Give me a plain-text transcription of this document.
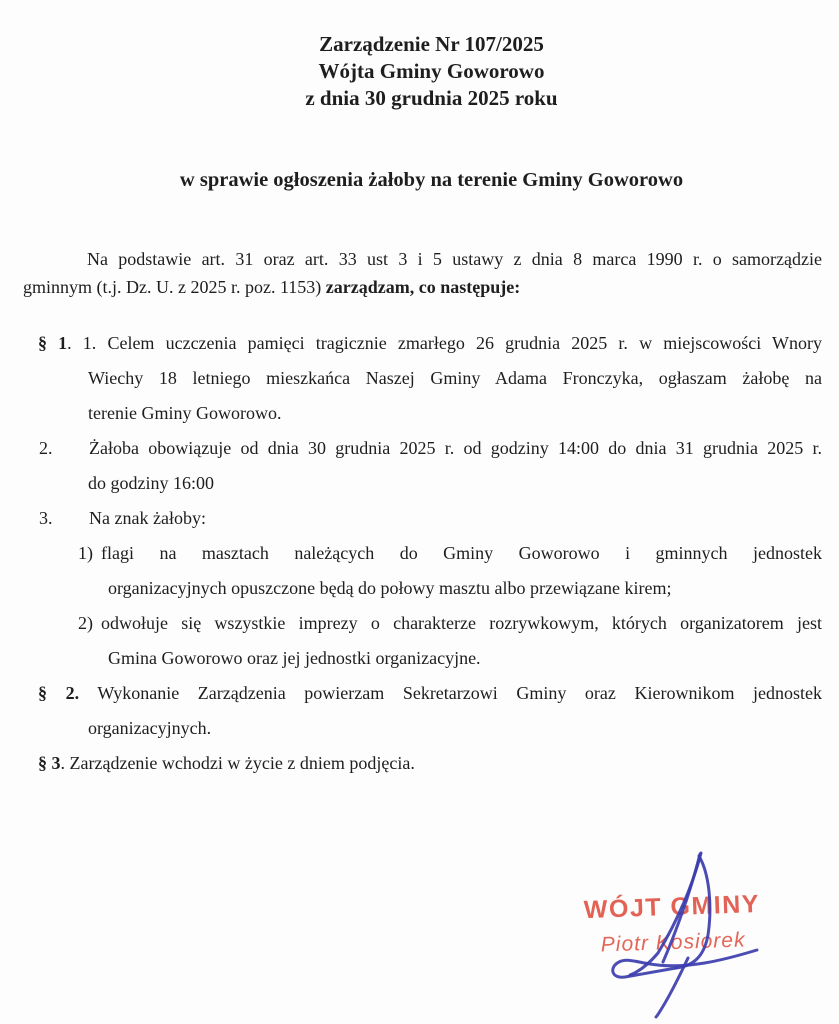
Zarządzenie Nr 107/2025
Wójta Gminy Goworowo
z dnia 30 grudnia 2025 roku
w sprawie ogłoszenia żałoby na terenie Gminy Goworowo
Na podstawie art. 31 oraz art. 33 ust 3 i 5 ustawy z dnia 8 marca 1990 r. o samorządzie
gminnym (t.j. Dz. U. z 2025 r. poz. 1153) zarządzam, co następuje:
§ 1. 1. Celem uczczenia pamięci tragicznie zmarłego 26 grudnia 2025 r. w miejscowości Wnory
Wiechy 18 letniego mieszkańca Naszej Gminy Adama Fronczyka, ogłaszam żałobę na
terenie Gminy Goworowo.
2. Żałoba obowiązuje od dnia 30 grudnia 2025 r. od godziny 14:00 do dnia 31 grudnia 2025 r.
do godziny 16:00
3. Na znak żałoby:
1) flagi na masztach należących do Gminy Goworowo i gminnych jednostek
organizacyjnych opuszczone będą do połowy masztu albo przewiązane kirem;
2) odwołuje się wszystkie imprezy o charakterze rozrywkowym, których organizatorem jest
Gmina Goworowo oraz jej jednostki organizacyjne.
§ 2. Wykonanie Zarządzenia powierzam Sekretarzowi Gminy oraz Kierownikom jednostek
organizacyjnych.
§ 3. Zarządzenie wchodzi w życie z dniem podjęcia.
WÓJT GMINY
Piotr Kosiorek
